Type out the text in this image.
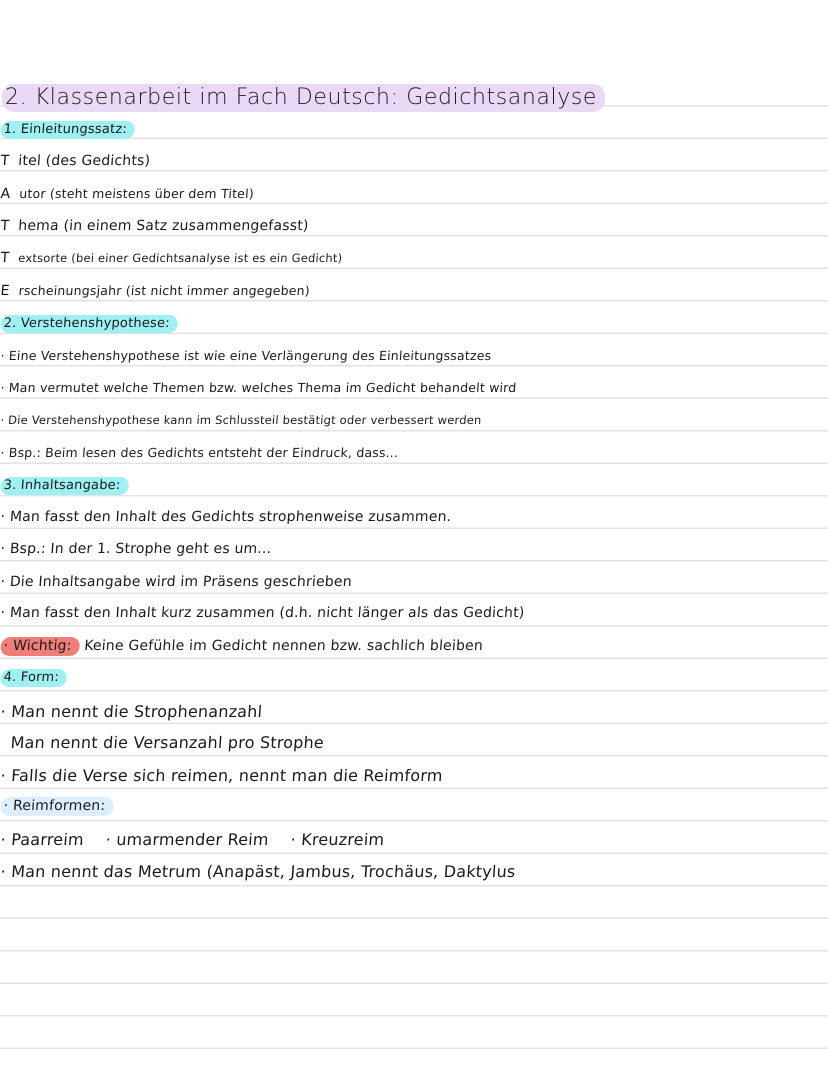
2. Klassenarbeit im Fach Deutsch: Gedichtsanalyse
1. Einleitungssatz:
T itel (des Gedichts)
A utor (steht meistens über dem Titel)
T hema (in einem Satz zusammengefasst)
T extsorte (bei einer Gedichtsanalyse ist es ein Gedicht)
E rscheinungsjahr (ist nicht immer angegeben)
2. Verstehenshypothese:
· Eine Verstehenshypothese ist wie eine Verlängerung des Einleitungssatzes
· Man vermutet welche Themen bzw. welches Thema im Gedicht behandelt wird
· Die Verstehenshypothese kann im Schlussteil bestätigt oder verbessert werden
· Bsp.: Beim lesen des Gedichts entsteht der Eindruck, dass...
3. Inhaltsangabe:
· Man fasst den Inhalt des Gedichts strophenweise zusammen.
· Bsp.: In der 1. Strophe geht es um...
· Die Inhaltsangabe wird im Präsens geschrieben
· Man fasst den Inhalt kurz zusammen (d.h. nicht länger als das Gedicht)
· Wichtig: Keine Gefühle im Gedicht nennen bzw. sachlich bleiben
4. Form:
· Man nennt die Strophenanzahl
Man nennt die Versanzahl pro Strophe
· Falls die Verse sich reimen, nennt man die Reimform
· Reimformen:
· Paarreim · umarmender Reim · Kreuzreim
· Man nennt das Metrum (Anapäst, Jambus, Trochäus, Daktylus
